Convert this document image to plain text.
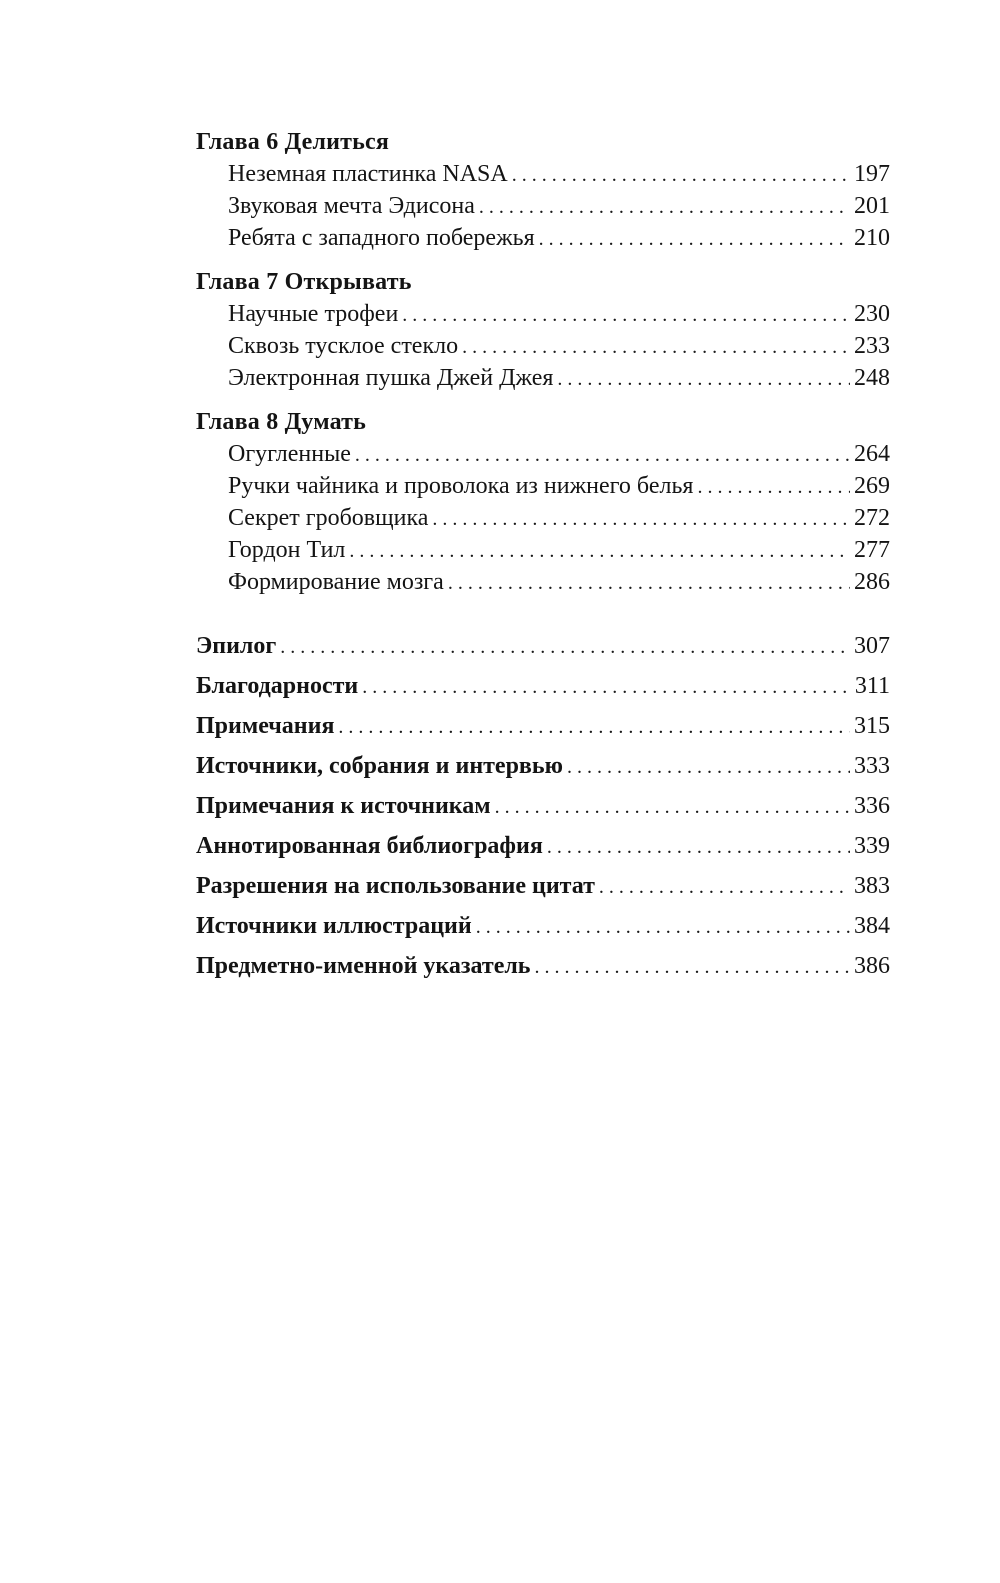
Глава 6 Делиться
Неземная пластинка NASA . . .	197
Звуковая мечта Эдисона . . .	201
Ребята с западного побережья . . .	210
Глава 7 Открывать
Научные трофеи . . .	230
Сквозь тусклое стекло . . .	233
Электронная пушка Джей Джея . . .	248
Глава 8 Думать
Огугленные . . .	264
Ручки чайника и проволока из нижнего белья . . .	269
Секрет гробовщика . . .	272
Гордон Тил . . .	277
Формирование мозга . . .	286
Эпилог . . .	307
Благодарности . . .	311
Примечания . . .	315
Источники, собрания и интервью . . .	333
Примечания к источникам . . .	336
Аннотированная библиография . . .	339
Разрешения на использование цитат . . .	383
Источники иллюстраций . . .	384
Предметно-именной указатель . . .	386
